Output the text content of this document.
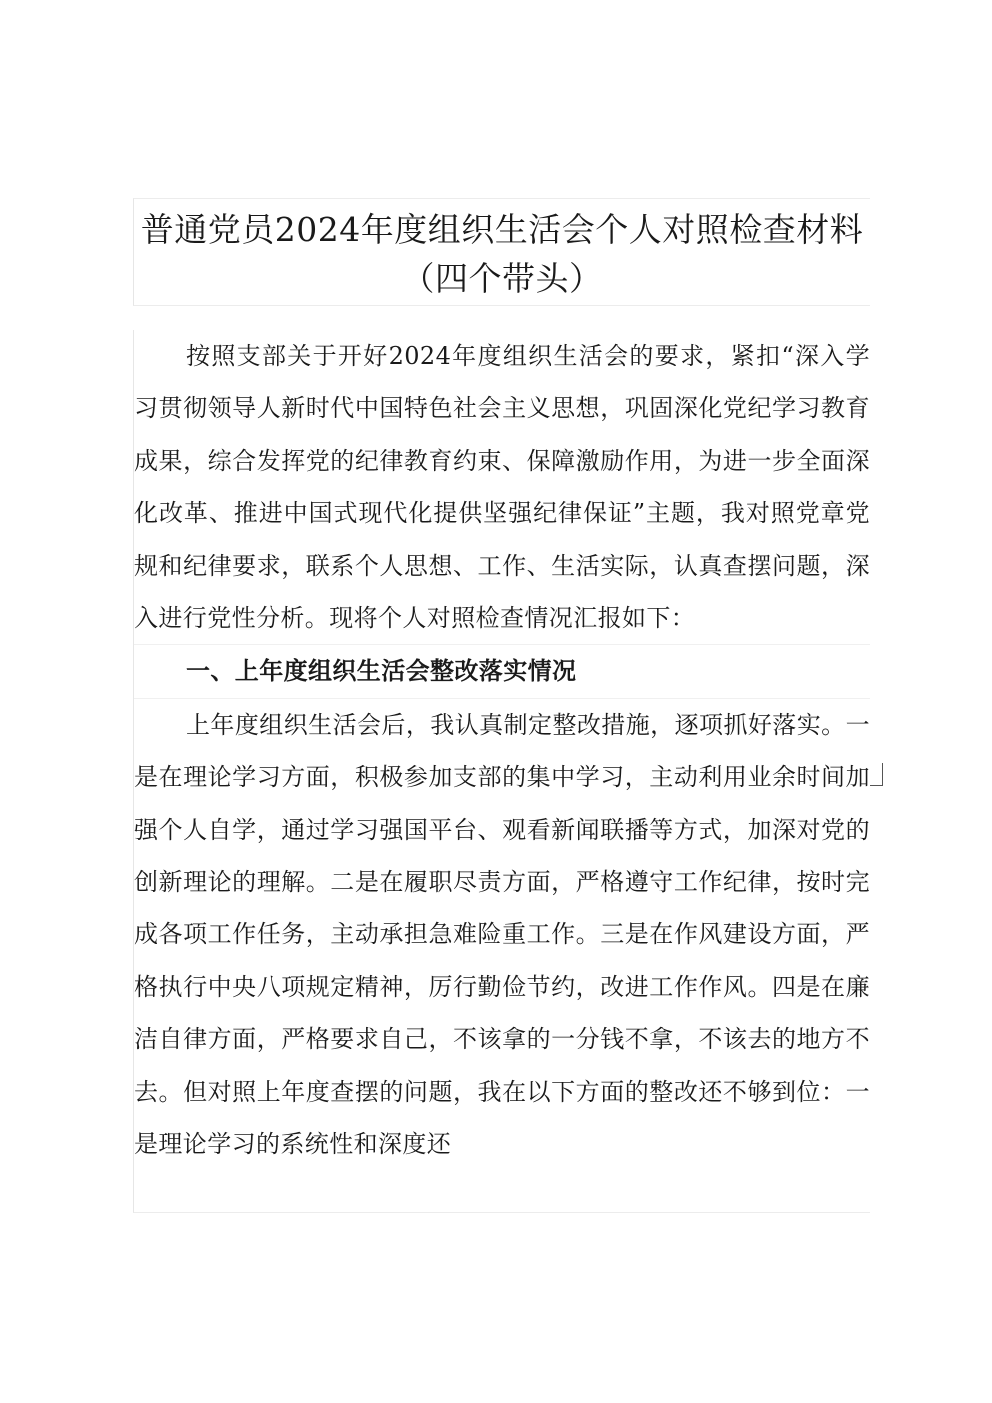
普通党员2024年度组织生活会个人对照检查材料（四个带头）

按照支部关于开好2024年度组织生活会的要求，紧扣“深入学习贯彻领导人新时代中国特色社会主义思想，巩固深化党纪学习教育成果，综合发挥党的纪律教育约束、保障激励作用，为进一步全面深化改革、推进中国式现代化提供坚强纪律保证”主题，我对照党章党规和纪律要求，联系个人思想、工作、生活实际，认真查摆问题，深入进行党性分析。现将个人对照检查情况汇报如下：

一、上年度组织生活会整改落实情况

上年度组织生活会后，我认真制定整改措施，逐项抓好落实。一是在理论学习方面，积极参加支部的集中学习，主动利用业余时间加强个人自学，通过学习强国平台、观看新闻联播等方式，加深对党的创新理论的理解。二是在履职尽责方面，严格遵守工作纪律，按时完成各项工作任务，主动承担急难险重工作。三是在作风建设方面，严格执行中央八项规定精神，厉行勤俭节约，改进工作作风。四是在廉洁自律方面，严格要求自己，不该拿的一分钱不拿，不该去的地方不去。但对照上年度查摆的问题，我在以下方面的整改还不够到位：一是理论学习的系统性和深度还
